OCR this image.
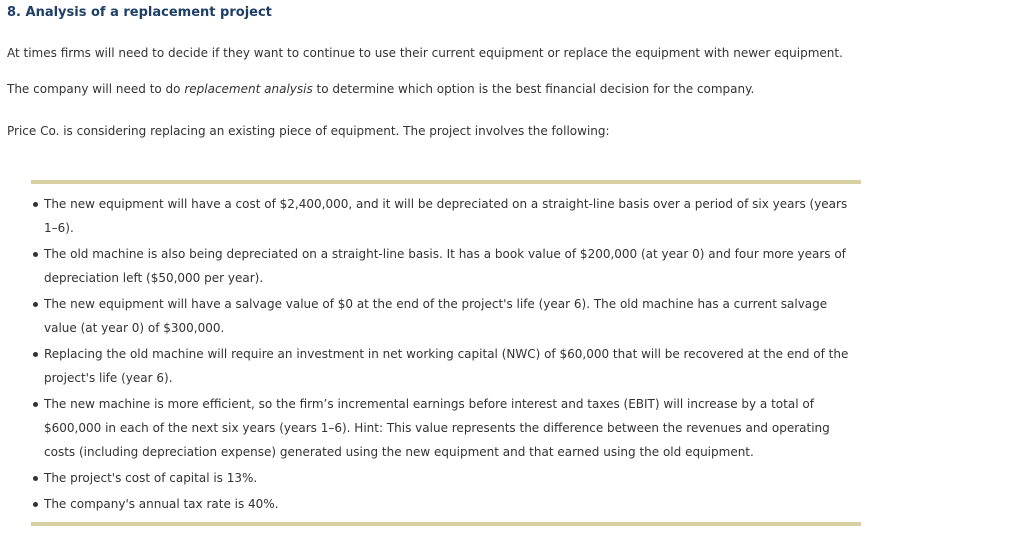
8. Analysis of a replacement project

At times firms will need to decide if they want to continue to use their current equipment or replace the equipment with newer equipment.

The company will need to do replacement analysis to determine which option is the best financial decision for the company.

Price Co. is considering replacing an existing piece of equipment. The project involves the following:

The new equipment will have a cost of $2,400,000, and it will be depreciated on a straight-line basis over a period of six years (years 1–6).
The old machine is also being depreciated on a straight-line basis. It has a book value of $200,000 (at year 0) and four more years of depreciation left ($50,000 per year).
The new equipment will have a salvage value of $0 at the end of the project's life (year 6). The old machine has a current salvage value (at year 0) of $300,000.
Replacing the old machine will require an investment in net working capital (NWC) of $60,000 that will be recovered at the end of the project's life (year 6).
The new machine is more efficient, so the firm’s incremental earnings before interest and taxes (EBIT) will increase by a total of $600,000 in each of the next six years (years 1–6). Hint: This value represents the difference between the revenues and operating costs (including depreciation expense) generated using the new equipment and that earned using the old equipment.
The project's cost of capital is 13%.
The company's annual tax rate is 40%.
